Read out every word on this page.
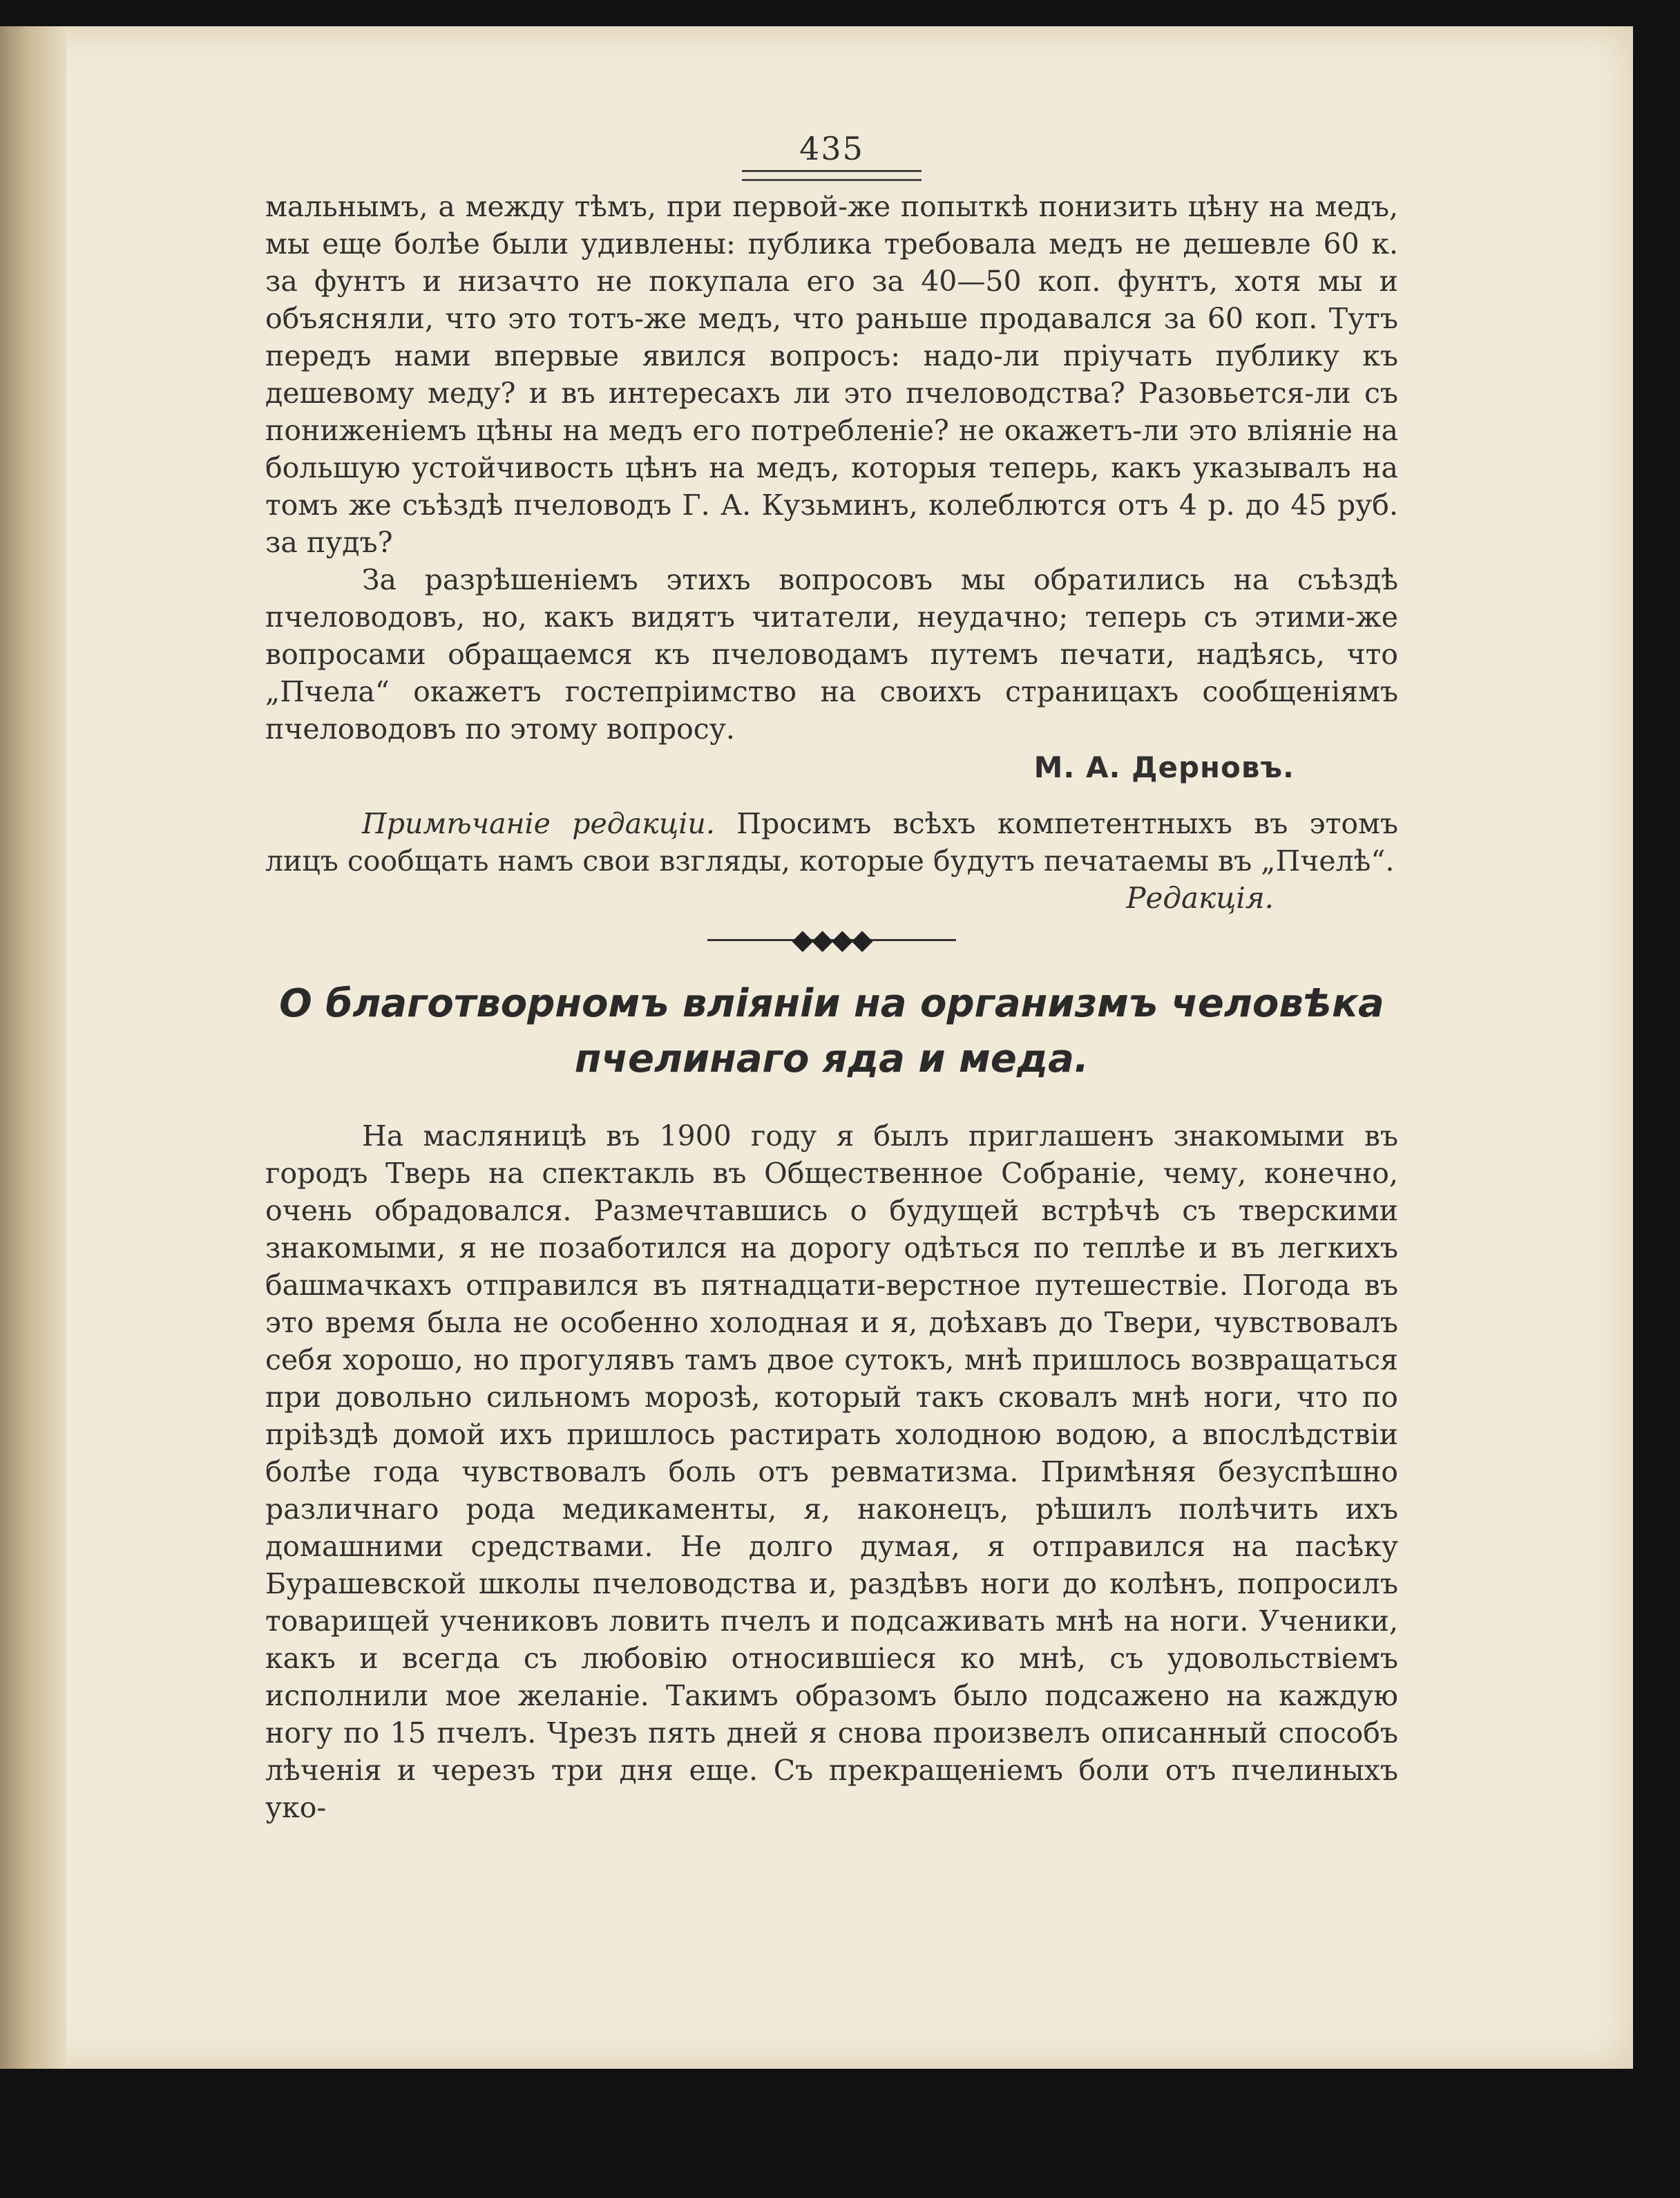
435

мальнымъ, а между тѣмъ, при первой-же попыткѣ понизить цѣну на медъ, мы еще болѣе были удивлены: публика требовала медъ не дешевле 60 к. за фунтъ и низачто не покупала его за 40—50 коп. фунтъ, хотя мы и объясняли, что это тотъ-же медъ, что раньше продавался за 60 коп. Тутъ передъ нами впервые явился вопросъ: надо-ли пріучать публику къ дешевому меду? и въ интересахъ ли это пчеловодства? Разовьется-ли съ пониженіемъ цѣны на медъ его потребленіе? не окажетъ-ли это вліяніе на большую устойчивость цѣнъ на медъ, которыя теперь, какъ указывалъ на томъ же съѣздѣ пчеловодъ Г. А. Кузьминъ, колеблются отъ 4 р. до 45 руб. за пудъ?

За разрѣшеніемъ этихъ вопросовъ мы обратились на съѣздѣ пчеловодовъ, но, какъ видятъ читатели, неудачно; теперь съ этими-же вопросами обращаемся къ пчеловодамъ путемъ печати, надѣясь, что „Пчела“ окажетъ гостепріимство на своихъ страницахъ сообщеніямъ пчеловодовъ по этому вопросу.

М. А. Дерновъ.

Примѣчаніе редакціи. Просимъ всѣхъ компетентныхъ въ этомъ лицъ сообщать намъ свои взгляды, которые будутъ печатаемы въ „Пчелѣ“.

Редакція.
◆◆◆◆
О благотворномъ вліяніи на организмъ человѣка
пчелинаго яда и меда.

На масляницѣ въ 1900 году я былъ приглашенъ знакомыми въ городъ Тверь на спектакль въ Общественное Собраніе, чему, конечно, очень обрадовался. Размечтавшись о будущей встрѣчѣ съ тверскими знакомыми, я не позаботился на дорогу одѣться по теплѣе и въ легкихъ башмачкахъ отправился въ пятнадцати-верстное путешествіе. Погода въ это время была не особенно холодная и я, доѣхавъ до Твери, чувствовалъ себя хорошо, но прогулявъ тамъ двое сутокъ, мнѣ пришлось возвращаться при довольно сильномъ морозѣ, который такъ сковалъ мнѣ ноги, что по пріѣздѣ домой ихъ пришлось растирать холодною водою, а впослѣдствіи болѣе года чувствовалъ боль отъ ревматизма. Примѣняя безуспѣшно различнаго рода медикаменты, я, наконецъ, рѣшилъ полѣчить ихъ домашними средствами. Не долго думая, я отправился на пасѣку Бурашевской школы пчеловодства и, раздѣвъ ноги до колѣнъ, попросилъ товарищей учениковъ ловить пчелъ и подсаживать мнѣ на ноги. Ученики, какъ и всегда съ любовію относившіеся ко мнѣ, съ удовольствіемъ исполнили мое желаніе. Такимъ образомъ было подсажено на каждую ногу по 15 пчелъ. Чрезъ пять дней я снова произвелъ описанный способъ лѣченія и черезъ три дня еще. Съ прекращеніемъ боли отъ пчелиныхъ уко-
